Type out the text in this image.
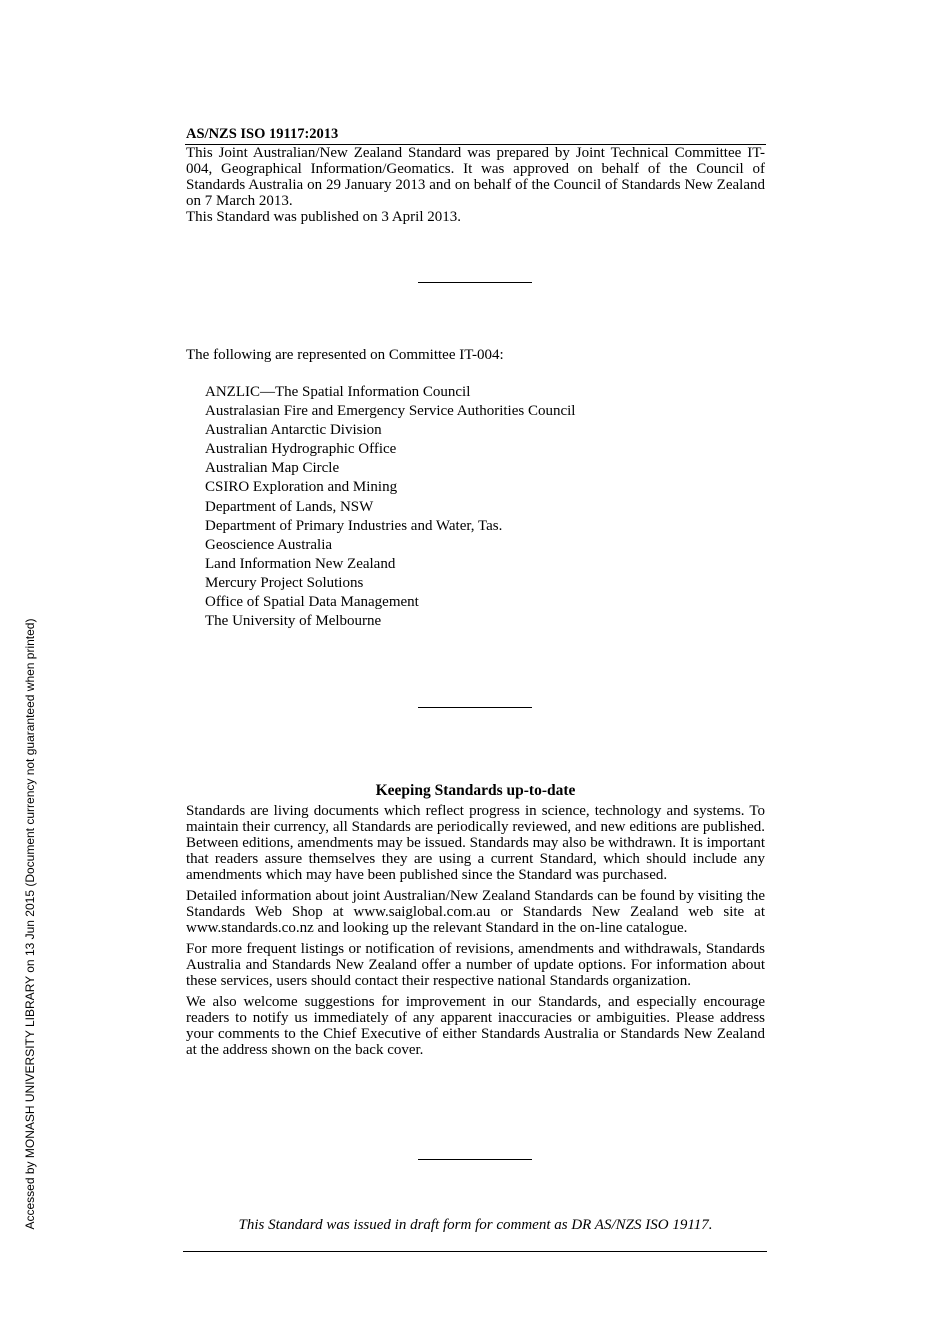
AS/NZS ISO 19117:2013

This Joint Australian/New Zealand Standard was prepared by Joint Technical Committee IT-004, Geographical Information/Geomatics. It was approved on behalf of the Council of Standards Australia on 29 January 2013 and on behalf of the Council of Standards New Zealand on 7 March 2013.

This Standard was published on 3 April 2013.

The following are represented on Committee IT-004:
ANZLIC—The Spatial Information Council
Australasian Fire and Emergency Service Authorities Council
Australian Antarctic Division
Australian Hydrographic Office
Australian Map Circle
CSIRO Exploration and Mining
Department of Lands, NSW
Department of Primary Industries and Water, Tas.
Geoscience Australia
Land Information New Zealand
Mercury Project Solutions
Office of Spatial Data Management
The University of Melbourne
Keeping Standards up-to-date

Standards are living documents which reflect progress in science, technology and systems. To maintain their currency, all Standards are periodically reviewed, and new editions are published. Between editions, amendments may be issued. Standards may also be withdrawn. It is important that readers assure themselves they are using a current Standard, which should include any amendments which may have been published since the Standard was purchased.

Detailed information about joint Australian/New Zealand Standards can be found by visiting the Standards Web Shop at www.saiglobal.com.au or Standards New Zealand web site at www.standards.co.nz and looking up the relevant Standard in the on-line catalogue.

For more frequent listings or notification of revisions, amendments and withdrawals, Standards Australia and Standards New Zealand offer a number of update options. For information about these services, users should contact their respective national Standards organization.

We also welcome suggestions for improvement in our Standards, and especially encourage readers to notify us immediately of any apparent inaccuracies or ambiguities. Please address your comments to the Chief Executive of either Standards Australia or Standards New Zealand at the address shown on the back cover.

This Standard was issued in draft form for comment as DR AS/NZS ISO 19117.
Accessed by MONASH UNIVERSITY LIBRARY on 13 Jun 2015 (Document currency not guaranteed when printed)
